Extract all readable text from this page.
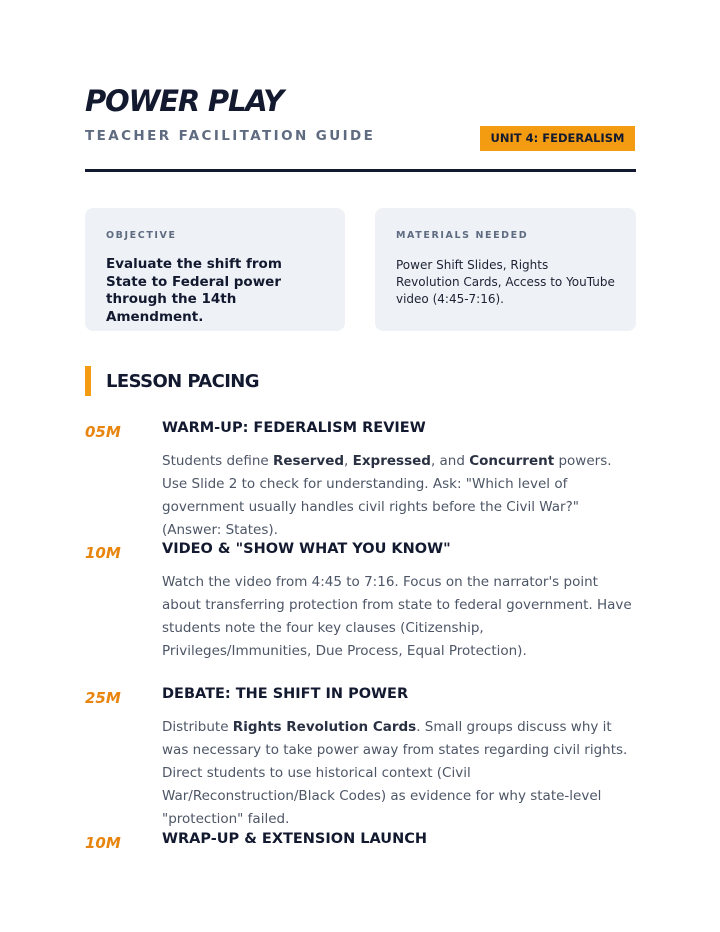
POWER PLAY
TEACHER FACILITATION GUIDE	UNIT 4: FEDERALISM
OBJECTIVE
Evaluate the shift from State to Federal power through the 14th Amendment.
MATERIALS NEEDED
Power Shift Slides, Rights Revolution Cards, Access to YouTube video (4:45-7:16).
LESSON PACING
05M	WARM-UP: FEDERALISM REVIEW
Students define Reserved, Expressed, and Concurrent powers. Use Slide 2 to check for understanding. Ask: "Which level of government usually handles civil rights before the Civil War?" (Answer: States).
10M	VIDEO & "SHOW WHAT YOU KNOW"
Watch the video from 4:45 to 7:16. Focus on the narrator's point about transferring protection from state to federal government. Have students note the four key clauses (Citizenship, Privileges/Immunities, Due Process, Equal Protection).
25M	DEBATE: THE SHIFT IN POWER
Distribute Rights Revolution Cards. Small groups discuss why it was necessary to take power away from states regarding civil rights. Direct students to use historical context (Civil War/Reconstruction/Black Codes) as evidence for why state-level "protection" failed.
10M	WRAP-UP & EXTENSION LAUNCH
